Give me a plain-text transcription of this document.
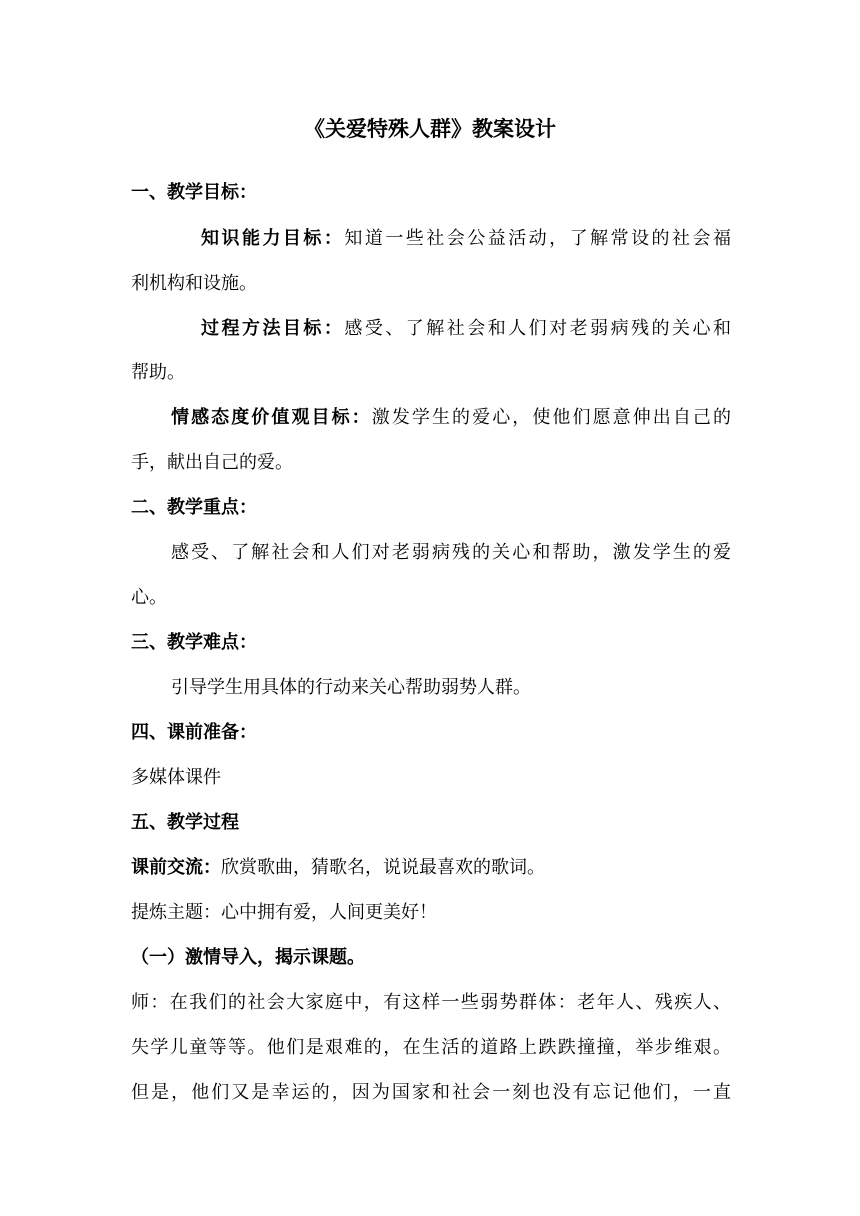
《关爱特殊人群》教案设计

一、教学目标：

知识能力目标：知道一些社会公益活动，了解常设的社会福

利机构和设施。

过程方法目标：感受、了解社会和人们对老弱病残的关心和

帮助。

情感态度价值观目标：激发学生的爱心，使他们愿意伸出自己的

手，献出自己的爱。

二、教学重点：

感受、了解社会和人们对老弱病残的关心和帮助，激发学生的爱

心。

三、教学难点：

引导学生用具体的行动来关心帮助弱势人群。

四、课前准备：

多媒体课件

五、教学过程

课前交流：欣赏歌曲，猜歌名，说说最喜欢的歌词。

提炼主题：心中拥有爱，人间更美好！

（一）激情导入，揭示课题。

师：在我们的社会大家庭中，有这样一些弱势群体：老年人、残疾人、

失学儿童等等。他们是艰难的，在生活的道路上跌跌撞撞，举步维艰。

但是，他们又是幸运的，因为国家和社会一刻也没有忘记他们，一直
